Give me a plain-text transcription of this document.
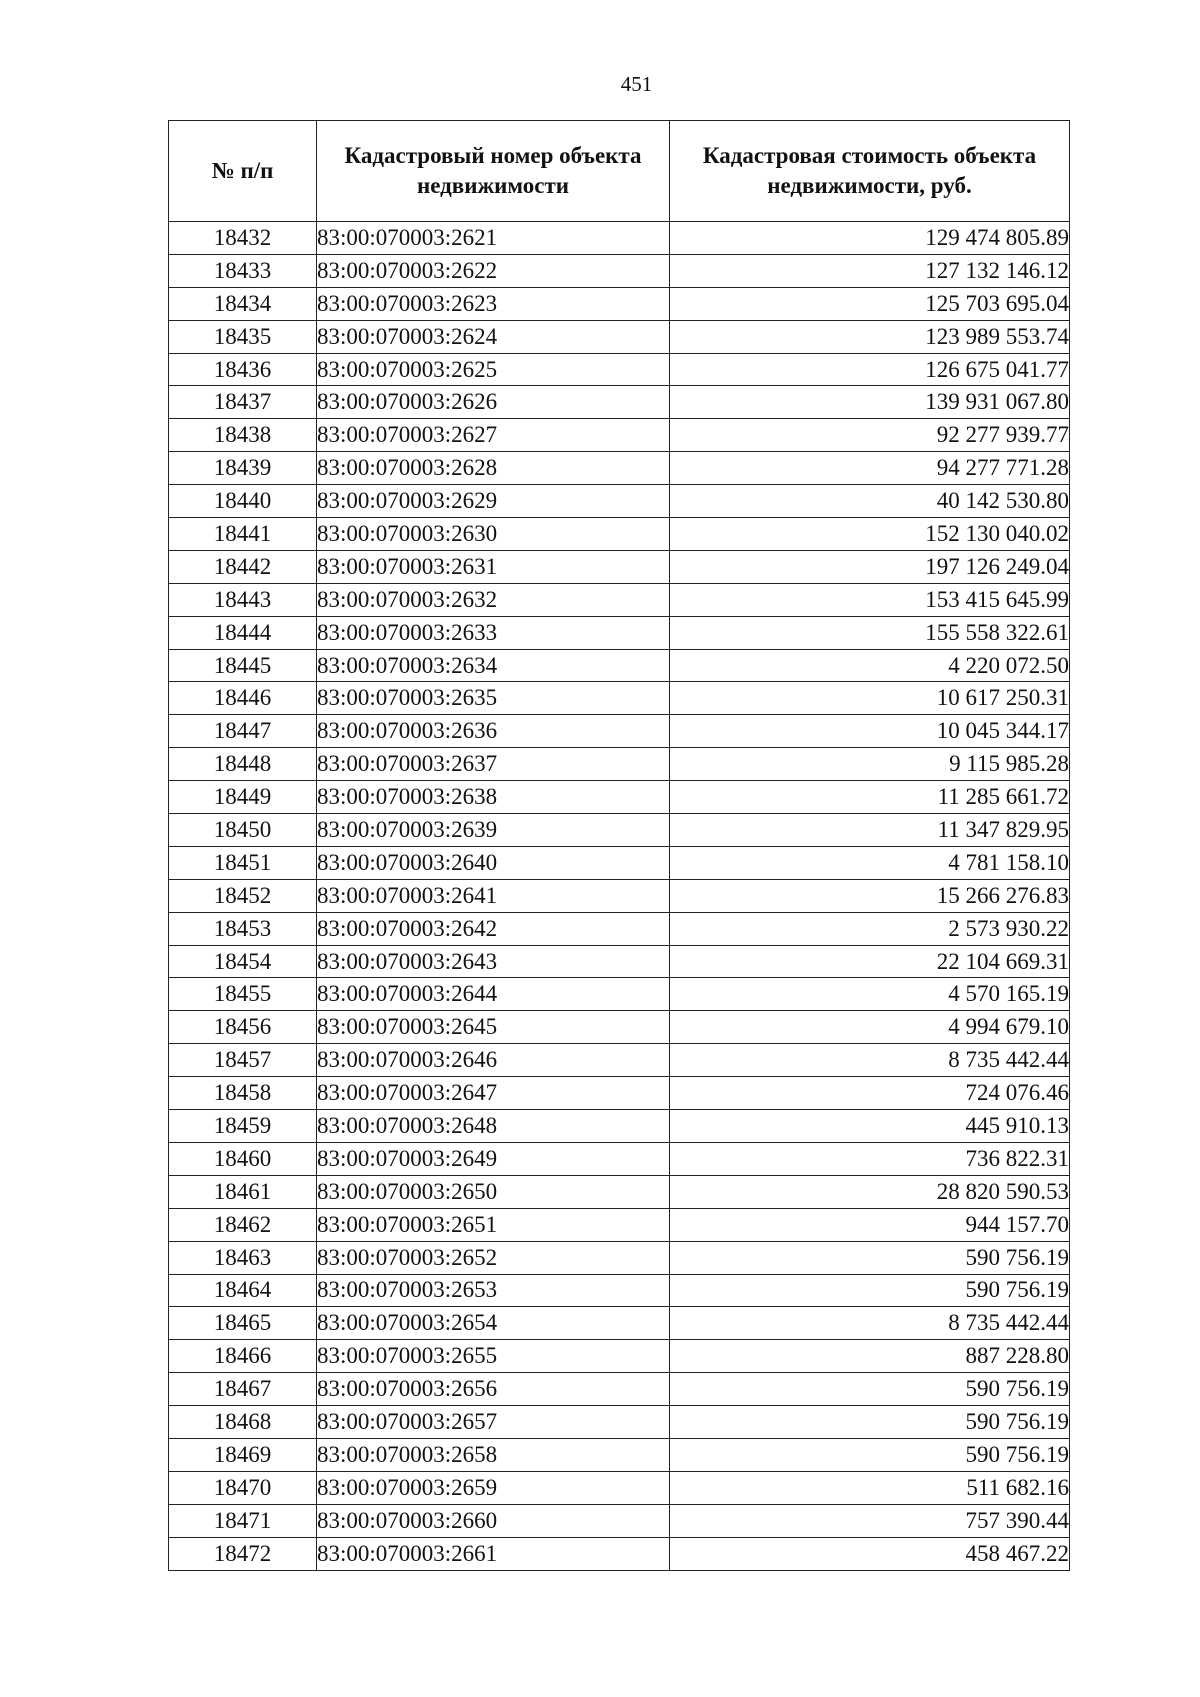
451
№ п/п	Кадастровый номер объекта недвижимости	Кадастровая стоимость объекта недвижимости, руб.
18432	83:00:070003:2621	129 474 805.89
18433	83:00:070003:2622	127 132 146.12
18434	83:00:070003:2623	125 703 695.04
18435	83:00:070003:2624	123 989 553.74
18436	83:00:070003:2625	126 675 041.77
18437	83:00:070003:2626	139 931 067.80
18438	83:00:070003:2627	92 277 939.77
18439	83:00:070003:2628	94 277 771.28
18440	83:00:070003:2629	40 142 530.80
18441	83:00:070003:2630	152 130 040.02
18442	83:00:070003:2631	197 126 249.04
18443	83:00:070003:2632	153 415 645.99
18444	83:00:070003:2633	155 558 322.61
18445	83:00:070003:2634	4 220 072.50
18446	83:00:070003:2635	10 617 250.31
18447	83:00:070003:2636	10 045 344.17
18448	83:00:070003:2637	9 115 985.28
18449	83:00:070003:2638	11 285 661.72
18450	83:00:070003:2639	11 347 829.95
18451	83:00:070003:2640	4 781 158.10
18452	83:00:070003:2641	15 266 276.83
18453	83:00:070003:2642	2 573 930.22
18454	83:00:070003:2643	22 104 669.31
18455	83:00:070003:2644	4 570 165.19
18456	83:00:070003:2645	4 994 679.10
18457	83:00:070003:2646	8 735 442.44
18458	83:00:070003:2647	724 076.46
18459	83:00:070003:2648	445 910.13
18460	83:00:070003:2649	736 822.31
18461	83:00:070003:2650	28 820 590.53
18462	83:00:070003:2651	944 157.70
18463	83:00:070003:2652	590 756.19
18464	83:00:070003:2653	590 756.19
18465	83:00:070003:2654	8 735 442.44
18466	83:00:070003:2655	887 228.80
18467	83:00:070003:2656	590 756.19
18468	83:00:070003:2657	590 756.19
18469	83:00:070003:2658	590 756.19
18470	83:00:070003:2659	511 682.16
18471	83:00:070003:2660	757 390.44
18472	83:00:070003:2661	458 467.22
